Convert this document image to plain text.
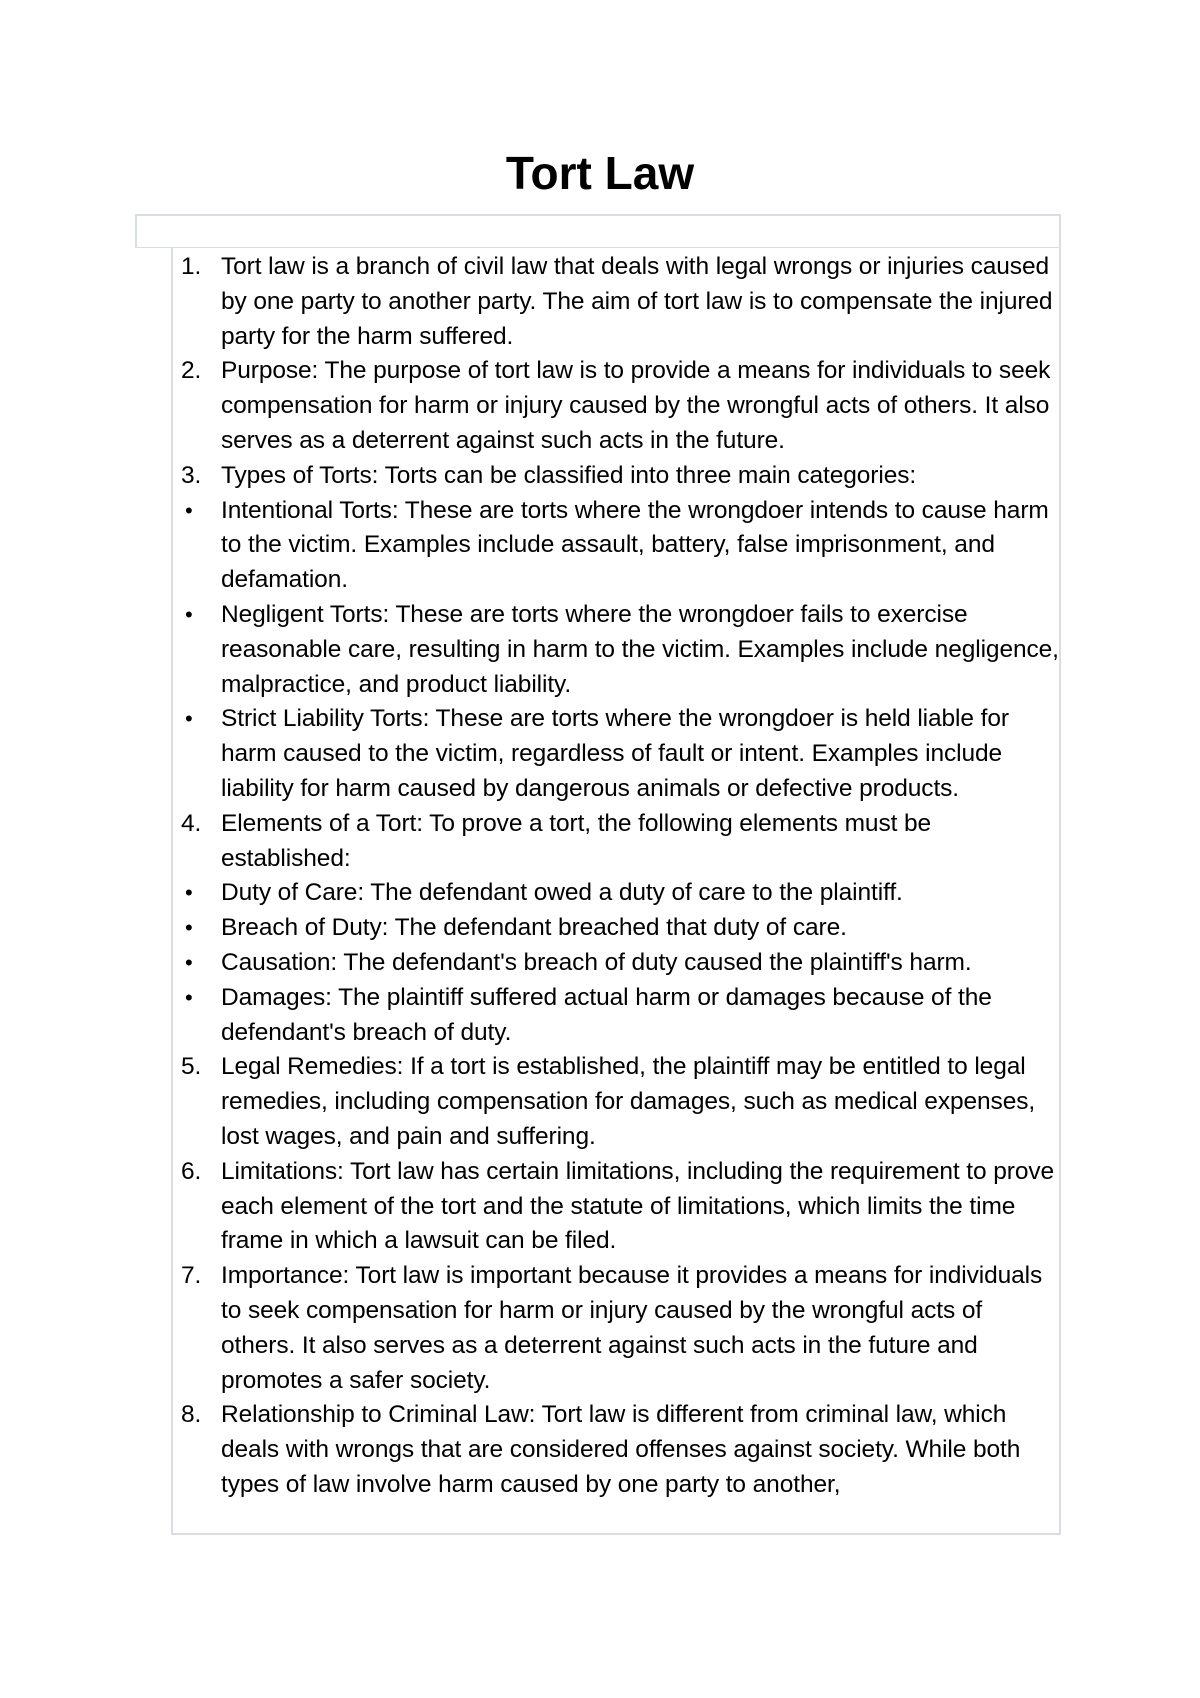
Tort Law
1. Tort law is a branch of civil law that deals with legal wrongs or injuries caused by one party to another party. The aim of tort law is to compensate the injured party for the harm suffered.
2. Purpose: The purpose of tort law is to provide a means for individuals to seek compensation for harm or injury caused by the wrongful acts of others. It also serves as a deterrent against such acts in the future.
3. Types of Torts: Torts can be classified into three main categories:
•	Intentional Torts: These are torts where the wrongdoer intends to cause harm to the victim. Examples include assault, battery, false imprisonment, and defamation.
•	Negligent Torts: These are torts where the wrongdoer fails to exercise reasonable care, resulting in harm to the victim. Examples include negligence, malpractice, and product liability.
•	Strict Liability Torts: These are torts where the wrongdoer is held liable for harm caused to the victim, regardless of fault or intent. Examples include liability for harm caused by dangerous animals or defective products.
4. Elements of a Tort: To prove a tort, the following elements must be established:
•	Duty of Care: The defendant owed a duty of care to the plaintiff.
•	Breach of Duty: The defendant breached that duty of care.
•	Causation: The defendant's breach of duty caused the plaintiff's harm.
•	Damages: The plaintiff suffered actual harm or damages because of the defendant's breach of duty.
5. Legal Remedies: If a tort is established, the plaintiff may be entitled to legal remedies, including compensation for damages, such as medical expenses, lost wages, and pain and suffering.
6. Limitations: Tort law has certain limitations, including the requirement to prove each element of the tort and the statute of limitations, which limits the time frame in which a lawsuit can be filed.
7. Importance: Tort law is important because it provides a means for individuals to seek compensation for harm or injury caused by the wrongful acts of others. It also serves as a deterrent against such acts in the future and promotes a safer society.
8. Relationship to Criminal Law: Tort law is different from criminal law, which deals with wrongs that are considered offenses against society. While both types of law involve harm caused by one party to another,
